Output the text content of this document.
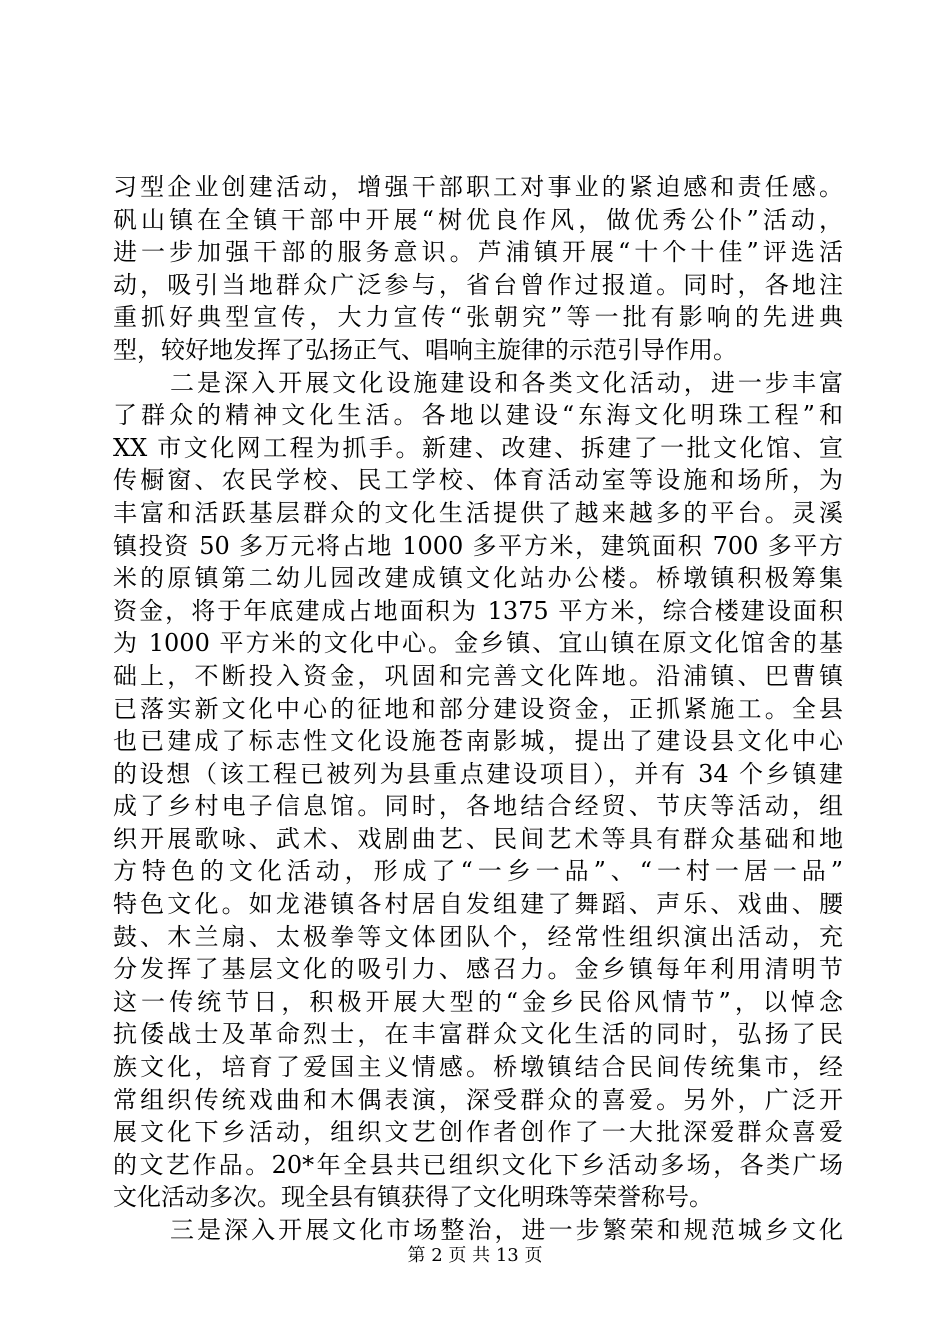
习型企业创建活动，增强干部职工对事业的紧迫感和责任感。
矾山镇在全镇干部中开展“树优良作风，做优秀公仆”活动，
进一步加强干部的服务意识。芦浦镇开展“十个十佳”评选活
动，吸引当地群众广泛参与，省台曾作过报道。同时，各地注
重抓好典型宣传，大力宣传“张朝究”等一批有影响的先进典
型，较好地发挥了弘扬正气、唱响主旋律的示范引导作用。
二是深入开展文化设施建设和各类文化活动，进一步丰富
了群众的精神文化生活。各地以建设“东海文化明珠工程”和
XX 市文化网工程为抓手。新建、改建、拆建了一批文化馆、宣
传橱窗、农民学校、民工学校、体育活动室等设施和场所，为
丰富和活跃基层群众的文化生活提供了越来越多的平台。灵溪
镇投资 50 多万元将占地 1000 多平方米，建筑面积 700 多平方
米的原镇第二幼儿园改建成镇文化站办公楼。桥墩镇积极筹集
资金，将于年底建成占地面积为 1375 平方米，综合楼建设面积
为 1000 平方米的文化中心。金乡镇、宜山镇在原文化馆舍的基
础上，不断投入资金，巩固和完善文化阵地。沿浦镇、巴曹镇
已落实新文化中心的征地和部分建设资金，正抓紧施工。全县
也已建成了标志性文化设施苍南影城，提出了建设县文化中心
的设想（该工程已被列为县重点建设项目），并有 34 个乡镇建
成了乡村电子信息馆。同时，各地结合经贸、节庆等活动，组
织开展歌咏、武术、戏剧曲艺、民间艺术等具有群众基础和地
方特色的文化活动，形成了“一乡一品”、“一村一居一品”
特色文化。如龙港镇各村居自发组建了舞蹈、声乐、戏曲、腰
鼓、木兰扇、太极拳等文体团队个，经常性组织演出活动，充
分发挥了基层文化的吸引力、感召力。金乡镇每年利用清明节
这一传统节日，积极开展大型的“金乡民俗风情节”，以悼念
抗倭战士及革命烈士，在丰富群众文化生活的同时，弘扬了民
族文化，培育了爱国主义情感。桥墩镇结合民间传统集市，经
常组织传统戏曲和木偶表演，深受群众的喜爱。另外，广泛开
展文化下乡活动，组织文艺创作者创作了一大批深爱群众喜爱
的文艺作品。20*年全县共已组织文化下乡活动多场，各类广场
文化活动多次。现全县有镇获得了文化明珠等荣誉称号。
三是深入开展文化市场整治，进一步繁荣和规范城乡文化
第 2 页 共 13 页
